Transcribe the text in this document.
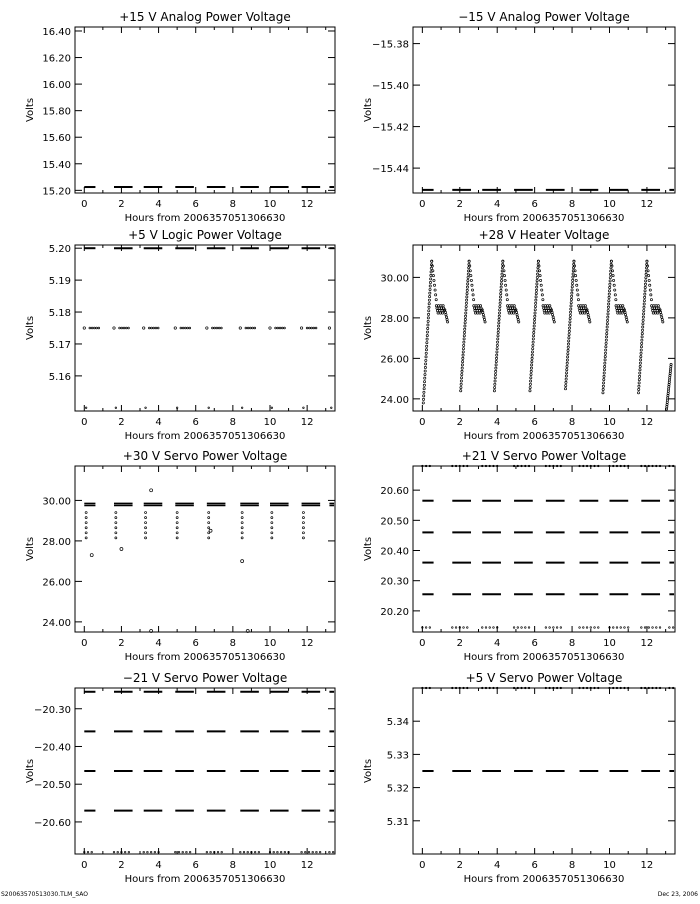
+15 V Analog Power Voltage
0	2	4	6	8	10 12
15.20
15.40
15.60
15.80
16.00
16.20
16.40
Hours from 2006357051306630
Volts
−15 V Analog Power Voltage
0	2	4	6	8	10 12
−15.44
−15.42
−15.40
−15.38
Hours from 2006357051306630
Volts
+5 V Logic Power Voltage
0	2	4	6	8	10 12
5.16
5.17
5.18
5.19
5.20
Hours from 2006357051306630
Volts
+28 V Heater Voltage
0	2	4	6	8	10 12
24.00
26.00
28.00
30.00
Hours from 2006357051306630
Volts
+30 V Servo Power Voltage
0	2	4	6	8	10 12
24.00
26.00
28.00
30.00
Hours from 2006357051306630
Volts
+21 V Servo Power Voltage
0	2	4	6	8	10 12
20.20
20.30
20.40
20.50
20.60
Hours from 2006357051306630
Volts
−21 V Servo Power Voltage
0	2	4	6	8	10 12
−20.60
−20.50
−20.40
−20.30
Hours from 2006357051306630
Volts
+5 V Servo Power Voltage
0	2	4	6	8	10 12
5.31
5.32
5.33
5.34
Hours from 2006357051306630
Volts
S20063570513030.TLM_SAO	Dec 23, 2006
